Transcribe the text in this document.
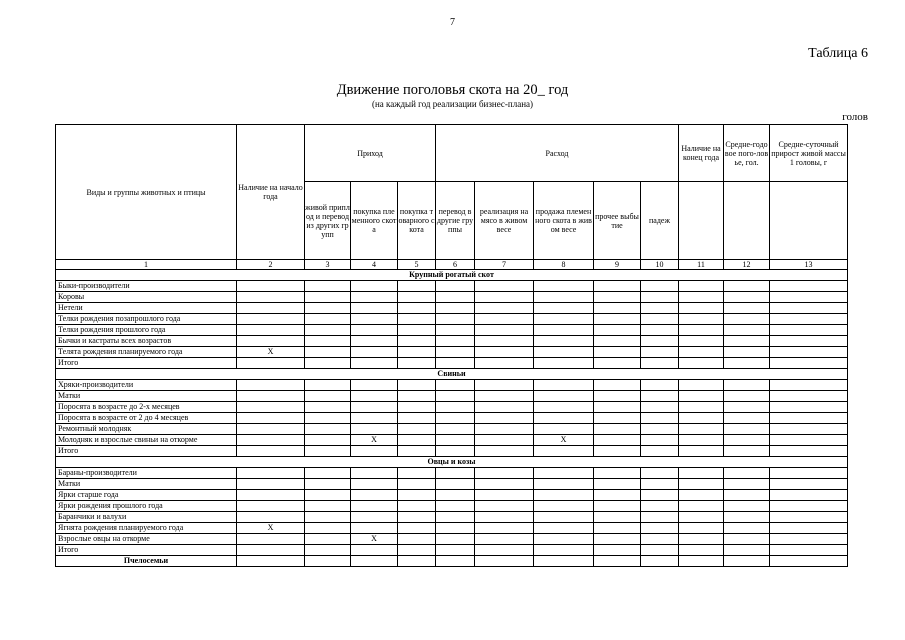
7
Таблица 6
Движение поголовья скота на 20_ год
(на каждый год реализации бизнес-плана)
голов
Виды и группы животных и птицы	Наличие на начало года	Приход			Расход					Наличие на конец года	Средне-годовое пого-ловье, гол.	Средне-суточный прирост живой массы 1 головы, г
		живой приплод и перевод из других групп	покупка племенного скота	покупка товарного скота	перевод в другие группы	реализация на мясо в живом весе	продажа племенного скота в живом весе	прочее выбытие	падеж			
1	2	3	4	5	6	7	8	9	10	11	12	13
Крупный рогатый скот												
Быки-производители												
Коровы												
Нетели												
Телки рождения позапрошлого года												
Телки рождения прошлого года												
Бычки и кастраты всех возрастов												
Телята рождения планируемого года	Х											
Итого												
Свиньи												
Хряки-производители												
Матки												
Поросята в возрасте до 2-х месяцев												
Поросята в возрасте от 2 до 4 месяцев												
Ремонтный молодняк												
Молодняк и взрослые свиньи на откорме			Х				Х					
Итого												
Овцы и козы												
Бараны-производители												
Матки												
Ярки старше года												
Ярки рождения прошлого года												
Баранчики и валухи												
Ягнята рождения планируемого года	Х											
Взрослые овцы на откорме			Х									
Итого												
Пчелосемьи												
